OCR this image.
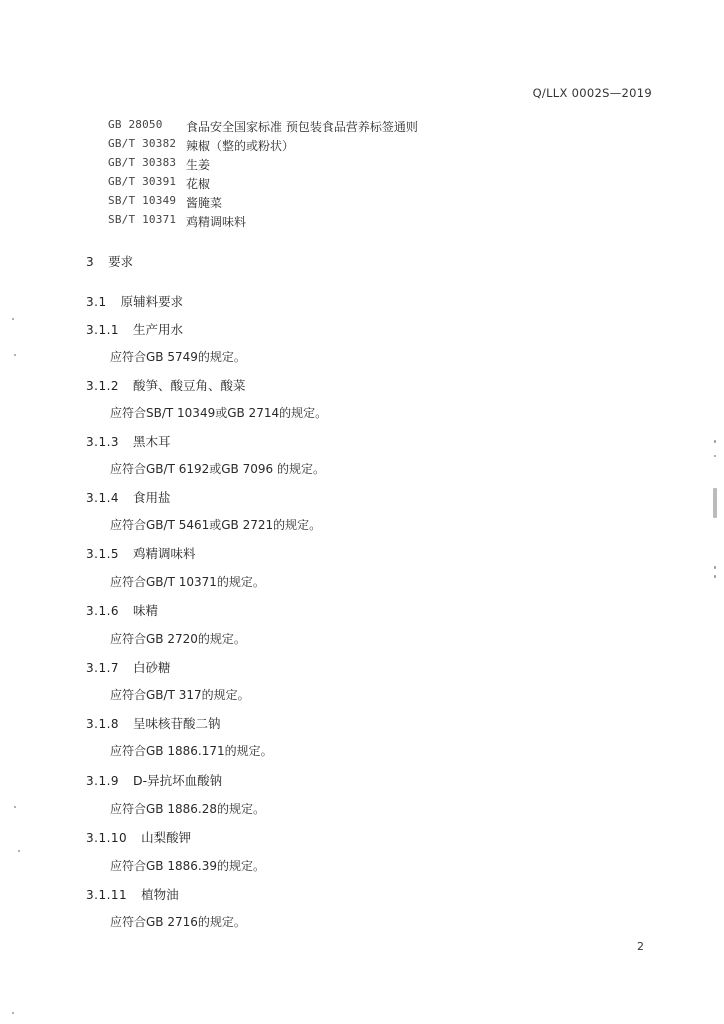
Q/LLX 0002S—2019
GB 28050	食品安全国家标准 预包装食品营养标签通则
GB/T 30382 辣椒（整的或粉状）
GB/T 30383 生姜
GB/T 30391 花椒
SB/T 10349 酱腌菜
SB/T 10371 鸡精调味料
3 要求
3.1 原辅料要求
3.1.1 生产用水
应符合GB 5749的规定。
3.1.2 酸笋、酸豆角、酸菜
应符合SB/T 10349或GB 2714的规定。
3.1.3 黑木耳
应符合GB/T 6192或GB 7096 的规定。
3.1.4 食用盐
应符合GB/T 5461或GB 2721的规定。
3.1.5 鸡精调味料
应符合GB/T 10371的规定。
3.1.6 味精
应符合GB 2720的规定。
3.1.7 白砂糖
应符合GB/T 317的规定。
3.1.8 呈味核苷酸二钠
应符合GB 1886.171的规定。
3.1.9 D-异抗坏血酸钠
应符合GB 1886.28的规定。
3.1.10 山梨酸钾
应符合GB 1886.39的规定。
3.1.11 植物油
应符合GB 2716的规定。
2
